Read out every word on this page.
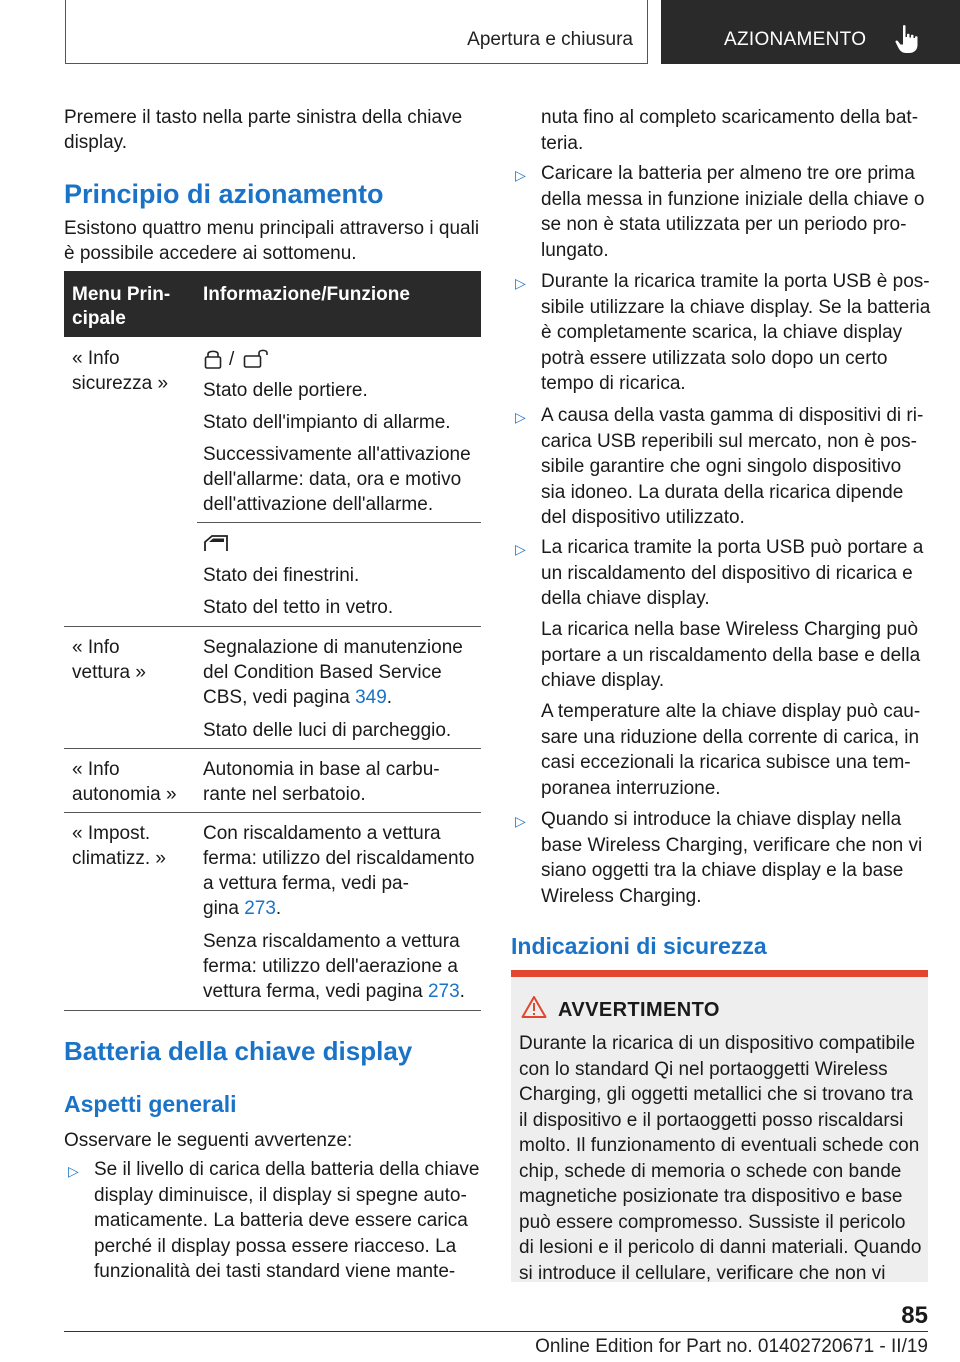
Apertura e chiusura	AZIONAMENTO
Premere il tasto nella parte sinistra della chiave
display.
Principio di azionamento
Esistono quattro menu principali attraverso i quali
è possibile accedere ai sottomenu.
Menu Prin-
cipale
Informazione/Funzione
« Info
sicurezza »
/
Stato delle portiere.
Stato dell'impianto di allarme.
Successivamente all'attivazione
dell'allarme: data, ora e motivo
dell'attivazione dell'allarme.
Stato dei finestrini.
Stato del tetto in vetro.
« Info
vettura »
Segnalazione di manutenzione
del Condition Based Service
CBS, vedi pagina 349.
Stato delle luci di parcheggio.
« Info
autonomia »
Autonomia in base al carbu-
rante nel serbatoio.
« Impost.
climatizz. »
Con riscaldamento a vettura
ferma: utilizzo del riscaldamento
a vettura ferma, vedi pa-
gina 273.
Senza riscaldamento a vettura
ferma: utilizzo dell'aerazione a
vettura ferma, vedi pagina 273.
Batteria della chiave display
Aspetti generali
Osservare le seguenti avvertenze:
▷ Se il livello di carica della batteria della chiave
display diminuisce, il display si spegne auto-
maticamente. La batteria deve essere carica
perché il display possa essere riacceso. La
funzionalità dei tasti standard viene mante-
nuta fino al completo scaricamento della bat-
teria.
▷ Caricare la batteria per almeno tre ore prima
della messa in funzione iniziale della chiave o
se non è stata utilizzata per un periodo pro-
lungato.
▷ Durante la ricarica tramite la porta USB è pos-
sibile utilizzare la chiave display. Se la batteria
è completamente scarica, la chiave display
potrà essere utilizzata solo dopo un certo
tempo di ricarica.
▷ A causa della vasta gamma di dispositivi di ri-
carica USB reperibili sul mercato, non è pos-
sibile garantire che ogni singolo dispositivo
sia idoneo. La durata della ricarica dipende
del dispositivo utilizzato.
▷ La ricarica tramite la porta USB può portare a
un riscaldamento del dispositivo di ricarica e
della chiave display.
La ricarica nella base Wireless Charging può
portare a un riscaldamento della base e della
chiave display.
A temperature alte la chiave display può cau-
sare una riduzione della corrente di carica, in
casi eccezionali la ricarica subisce una tem-
poranea interruzione.
▷ Quando si introduce la chiave display nella
base Wireless Charging, verificare che non vi
siano oggetti tra la chiave display e la base
Wireless Charging.
Indicazioni di sicurezza
AVVERTIMENTO
Durante la ricarica di un dispositivo compatibile
con lo standard Qi nel portaoggetti Wireless
Charging, gli oggetti metallici che si trovano tra
il dispositivo e il portaoggetti posso riscaldarsi
molto. Il funzionamento di eventuali schede con
chip, schede di memoria o schede con bande
magnetiche posizionate tra dispositivo e base
può essere compromesso. Sussiste il pericolo
di lesioni e il pericolo di danni materiali. Quando
si introduce il cellulare, verificare che non vi
85
Online Edition for Part no. 01402720671 - II/19
